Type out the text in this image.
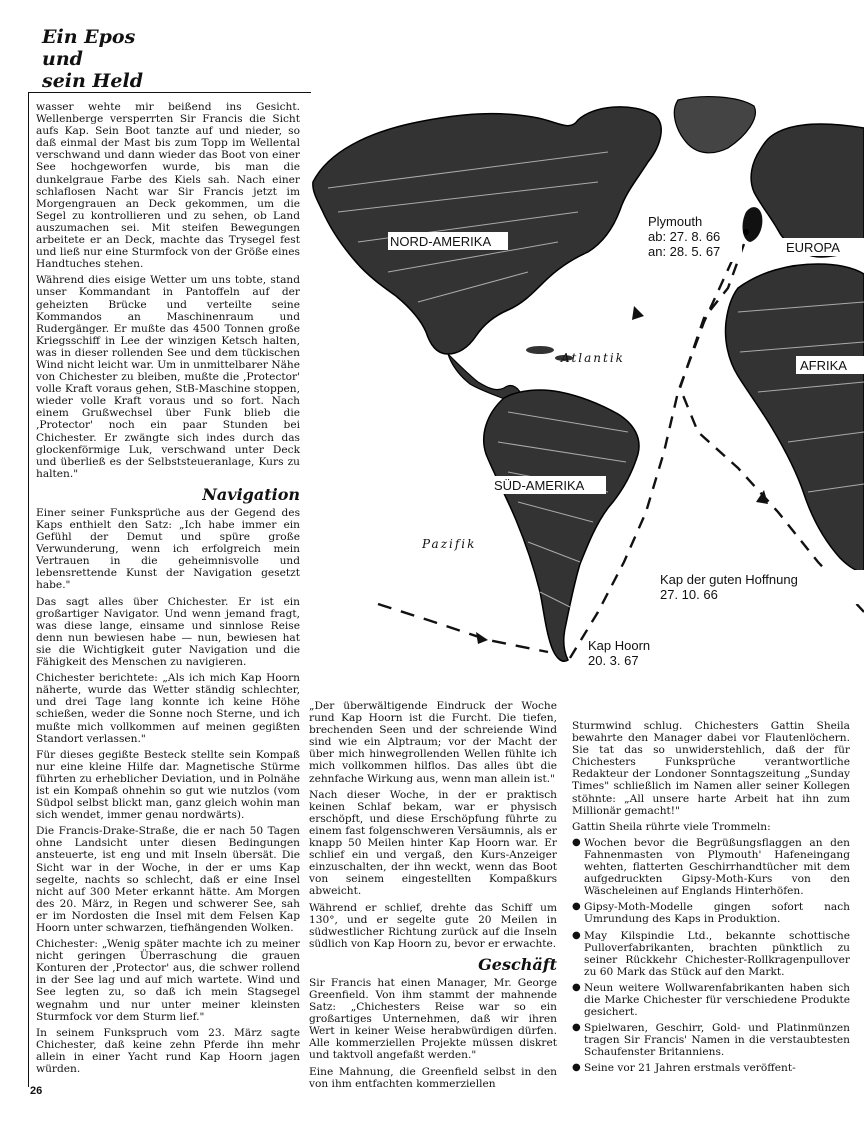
Ein Epos
und
sein Held
NORD-AMERIKA
SÜD-AMERIKA
EUROPA
AFRIKA
Atlantik
Pazifik
Plymouth
ab: 27. 8. 66
an: 28. 5. 67
Kap der guten Hoffnung
27. 10. 66
Kap Hoorn
20. 3. 67

wasser wehte mir beißend ins Gesicht. Wellenberge versperrten Sir Francis die Sicht aufs Kap. Sein Boot tanzte auf und nieder, so daß einmal der Mast bis zum Topp im Wellental verschwand und dann wieder das Boot von einer See hochgeworfen wurde, bis man die dunkelgraue Farbe des Kiels sah. Nach einer schlaflosen Nacht war Sir Francis jetzt im Morgengrauen an Deck gekommen, um die Segel zu kontrollieren und zu sehen, ob Land auszumachen sei. Mit steifen Bewegungen arbeitete er an Deck, machte das Trysegel fest und ließ nur eine Sturmfock von der Größe eines Handtuches stehen.

Während dies eisige Wetter um uns tobte, stand unser Kommandant in Pantoffeln auf der geheizten Brücke und verteilte seine Kommandos an Maschinenraum und Rudergänger. Er mußte das 4500 Tonnen große Kriegsschiff in Lee der winzigen Ketsch halten, was in dieser rollenden See und dem tückischen Wind nicht leicht war. Um in unmittelbarer Nähe von Chichester zu bleiben, mußte die ‚Protector' volle Kraft voraus gehen, StB-Maschine stoppen, wieder volle Kraft voraus und so fort. Nach einem Grußwechsel über Funk blieb die ‚Protector' noch ein paar Stunden bei Chichester. Er zwängte sich indes durch das glockenförmige Luk, verschwand unter Deck und überließ es der Selbststeueranlage, Kurs zu halten."

Navigation

Einer seiner Funksprüche aus der Gegend des Kaps enthielt den Satz: „Ich habe immer ein Gefühl der Demut und spüre große Verwunderung, wenn ich erfolgreich mein Vertrauen in die geheimnisvolle und lebensrettende Kunst der Navigation gesetzt habe."

Das sagt alles über Chichester. Er ist ein großartiger Navigator. Und wenn jemand fragt, was diese lange, einsame und sinnlose Reise denn nun bewiesen habe — nun, bewiesen hat sie die Wichtigkeit guter Navigation und die Fähigkeit des Menschen zu navigieren.

Chichester berichtete: „Als ich mich Kap Hoorn näherte, wurde das Wetter ständig schlechter, und drei Tage lang konnte ich keine Höhe schießen, weder die Sonne noch Sterne, und ich mußte mich vollkommen auf meinen gegißten Standort verlassen."

Für dieses gegißte Besteck stellte sein Kompaß nur eine kleine Hilfe dar. Magnetische Stürme führten zu erheblicher Deviation, und in Polnähe ist ein Kompaß ohnehin so gut wie nutzlos (vom Südpol selbst blickt man, ganz gleich wohin man sich wendet, immer genau nordwärts).

Die Francis-Drake-Straße, die er nach 50 Tagen ohne Landsicht unter diesen Bedingungen ansteuerte, ist eng und mit Inseln übersät. Die Sicht war in der Woche, in der er ums Kap segelte, nachts so schlecht, daß er eine Insel nicht auf 300 Meter erkannt hätte. Am Morgen des 20. März, in Regen und schwerer See, sah er im Nordosten die Insel mit dem Felsen Kap Hoorn unter schwarzen, tiefhängenden Wolken.

Chichester: „Wenig später machte ich zu meiner nicht geringen Überraschung die grauen Konturen der ‚Protector' aus, die schwer rollend in der See lag und auf mich wartete. Wind und See legten zu, so daß ich mein Stagsegel wegnahm und nur unter meiner kleinsten Sturmfock vor dem Sturm lief."

In seinem Funkspruch vom 23. März sagte Chichester, daß keine zehn Pferde ihn mehr allein in einer Yacht rund Kap Hoorn jagen würden.

„Der überwältigende Eindruck der Woche rund Kap Hoorn ist die Furcht. Die tiefen, brechenden Seen und der schreiende Wind sind wie ein Alptraum; vor der Macht der über mich hinwegrollenden Wellen fühlte ich mich vollkommen hilflos. Das alles übt die zehnfache Wirkung aus, wenn man allein ist."

Nach dieser Woche, in der er praktisch keinen Schlaf bekam, war er physisch erschöpft, und diese Erschöpfung führte zu einem fast folgenschweren Versäumnis, als er knapp 50 Meilen hinter Kap Hoorn war. Er schlief ein und vergaß, den Kurs-Anzeiger einzuschalten, der ihn weckt, wenn das Boot von seinem eingestellten Kompaßkurs abweicht.

Während er schlief, drehte das Schiff um 130°, und er segelte gute 20 Meilen in südwestlicher Richtung zurück auf die Inseln südlich von Kap Hoorn zu, bevor er erwachte.

Geschäft

Sir Francis hat einen Manager, Mr. George Greenfield. Von ihm stammt der mahnende Satz: „Chichesters Reise war so ein großartiges Unternehmen, daß wir ihren Wert in keiner Weise herabwürdigen dürfen. Alle kommerziellen Projekte müssen diskret und taktvoll angefaßt werden."

Eine Mahnung, die Greenfield selbst in den von ihm entfachten kommerziellen

Sturmwind schlug. Chichesters Gattin Sheila bewahrte den Manager dabei vor Flautenlöchern. Sie tat das so unwiderstehlich, daß der für Chichesters Funksprüche verantwortliche Redakteur der Londoner Sonntagszeitung „Sunday Times" schließlich im Namen aller seiner Kollegen stöhnte: „All unsere harte Arbeit hat ihn zum Millionär gemacht!"

Gattin Sheila rührte viele Trommeln:

● Wochen bevor die Begrüßungsflaggen an den Fahnenmasten von Plymouth' Hafeneingang wehten, flatterten Geschirrhandtücher mit dem aufgedruckten Gipsy-Moth-Kurs von den Wäscheleinen auf Englands Hinterhöfen.

● Gipsy-Moth-Modelle gingen sofort nach Umrundung des Kaps in Produktion.

● May Kilspindie Ltd., bekannte schottische Pulloverfabrikanten, brachten pünktlich zu seiner Rückkehr Chichester-Rollkragenpullover zu 60 Mark das Stück auf den Markt.

● Neun weitere Wollwarenfabrikanten haben sich die Marke Chichester für verschiedene Produkte gesichert.

● Spielwaren, Geschirr, Gold- und Platinmünzen tragen Sir Francis' Namen in die verstaubtesten Schaufenster Britanniens.

● Seine vor 21 Jahren erstmals veröffent-

26
